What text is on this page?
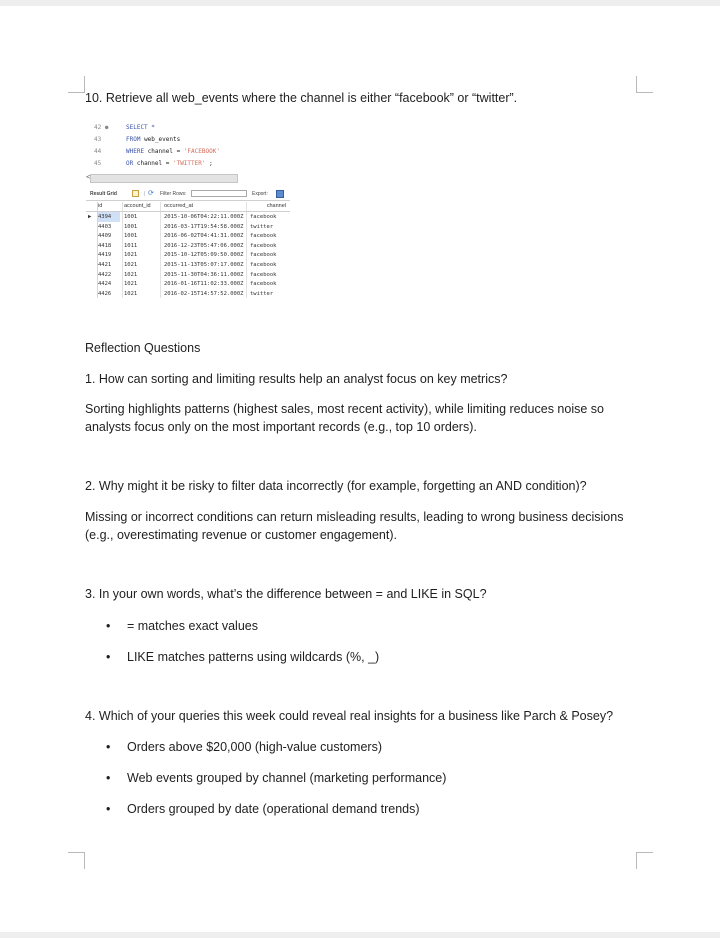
10. Retrieve all web_events where the channel is either “facebook” or “twitter”.
42 ●	SELECT *
43	FROM web_events
44	WHERE channel = 'FACEBOOK'
45	OR channel = 'TWITTER' ;
<
Result Grid	| ⟳ Filter Rows:	Export:
id	account_id	occurred_at	channel
▶	4394	1001	2015-10-06T04:22:11.000Z	facebook
4403	1001	2016-03-17T19:54:58.000Z	twitter
4409	1001	2016-06-02T04:41:31.000Z	facebook
4418	1011	2016-12-23T05:47:06.000Z	facebook
4419	1021	2015-10-12T05:09:50.000Z	facebook
4421	1021	2015-11-13T05:07:17.000Z	facebook
4422	1021	2015-11-30T04:36:11.000Z	facebook
4424	1021	2016-01-16T11:02:33.000Z	facebook
4426	1021	2016-02-15T14:57:52.000Z	twitter
Reflection Questions
1. How can sorting and limiting results help an analyst focus on key metrics?
Sorting highlights patterns (highest sales, most recent activity), while limiting reduces noise so analysts focus only on the most important records (e.g., top 10 orders).
2. Why might it be risky to filter data incorrectly (for example, forgetting an AND condition)?
Missing or incorrect conditions can return misleading results, leading to wrong business decisions (e.g., overestimating revenue or customer engagement).
3. In your own words, what’s the difference between = and LIKE in SQL?
• = matches exact values
• LIKE matches patterns using wildcards (%, _)
4. Which of your queries this week could reveal real insights for a business like Parch & Posey?
• Orders above $20,000 (high-value customers)
• Web events grouped by channel (marketing performance)
• Orders grouped by date (operational demand trends)
